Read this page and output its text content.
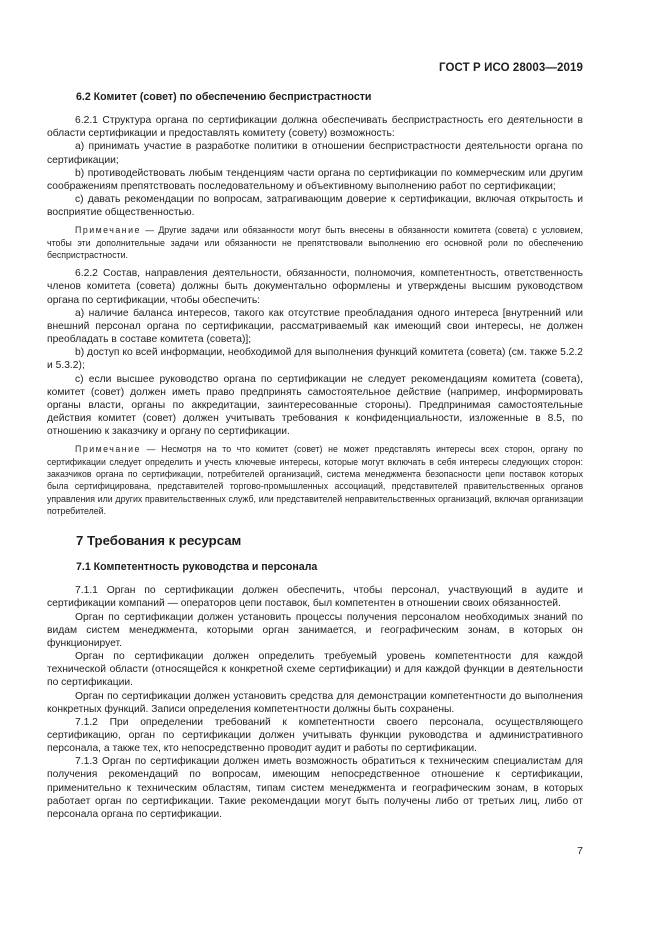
ГОСТ Р ИСО 28003—2019

6.2 Комитет (совет) по обеспечению беспристрастности

6.2.1 Структура органа по сертификации должна обеспечивать беспристрастность его деятельности в области сертификации и предоставлять комитету (совету) возможность:

a) принимать участие в разработке политики в отношении беспристрастности деятельности органа по сертификации;

b) противодействовать любым тенденциям части органа по сертификации по коммерческим или другим соображениям препятствовать последовательному и объективному выполнению работ по сертификации;

c) давать рекомендации по вопросам, затрагивающим доверие к сертификации, включая открытость и восприятие общественностью.

Примечание — Другие задачи или обязанности могут быть внесены в обязанности комитета (совета) с условием, чтобы эти дополнительные задачи или обязанности не препятствовали выполнению его основной роли по обеспечению беспристрастности.

6.2.2 Состав, направления деятельности, обязанности, полномочия, компетентность, ответственность членов комитета (совета) должны быть документально оформлены и утверждены высшим руководством органа по сертификации, чтобы обеспечить:

a) наличие баланса интересов, такого как отсутствие преобладания одного интереса [внутренний или внешний персонал органа по сертификации, рассматриваемый как имеющий свои интересы, не должен преобладать в составе комитета (совета)];

b) доступ ко всей информации, необходимой для выполнения функций комитета (совета) (см. также 5.2.2 и 5.3.2);

c) если высшее руководство органа по сертификации не следует рекомендациям комитета (совета), комитет (совет) должен иметь право предпринять самостоятельное действие (например, информировать органы власти, органы по аккредитации, заинтересованные стороны). Предпринимая самостоятельные действия комитет (совет) должен учитывать требования к конфиденциальности, изложенные в 8.5, по отношению к заказчику и органу по сертификации.

Примечание — Несмотря на то что комитет (совет) не может представлять интересы всех сторон, органу по сертификации следует определить и учесть ключевые интересы, которые могут включать в себя интересы следующих сторон: заказчиков органа по сертификации, потребителей организаций, система менеджмента безопасности цепи поставок которых была сертифицирована, представителей торгово-промышленных ассоциаций, представителей правительственных органов управления или других правительственных служб, или представителей неправительственных организаций, включая организации потребителей.

7 Требования к ресурсам

7.1 Компетентность руководства и персонала

7.1.1 Орган по сертификации должен обеспечить, чтобы персонал, участвующий в аудите и сертификации компаний — операторов цепи поставок, был компетентен в отношении своих обязанностей.

Орган по сертификации должен установить процессы получения персоналом необходимых знаний по видам систем менеджмента, которыми орган занимается, и географическим зонам, в которых он функционирует.

Орган по сертификации должен определить требуемый уровень компетентности для каждой технической области (относящейся к конкретной схеме сертификации) и для каждой функции в деятельности по сертификации.

Орган по сертификации должен установить средства для демонстрации компетентности до выполнения конкретных функций. Записи определения компетентности должны быть сохранены.

7.1.2 При определении требований к компетентности своего персонала, осуществляющего сертификацию, орган по сертификации должен учитывать функции руководства и административного персонала, а также тех, кто непосредственно проводит аудит и работы по сертификации.

7.1.3 Орган по сертификации должен иметь возможность обратиться к техническим специалистам для получения рекомендаций по вопросам, имеющим непосредственное отношение к сертификации, применительно к техническим областям, типам систем менеджмента и географическим зонам, в которых работает орган по сертификации. Такие рекомендации могут быть получены либо от третьих лиц, либо от персонала органа по сертификации.

7
